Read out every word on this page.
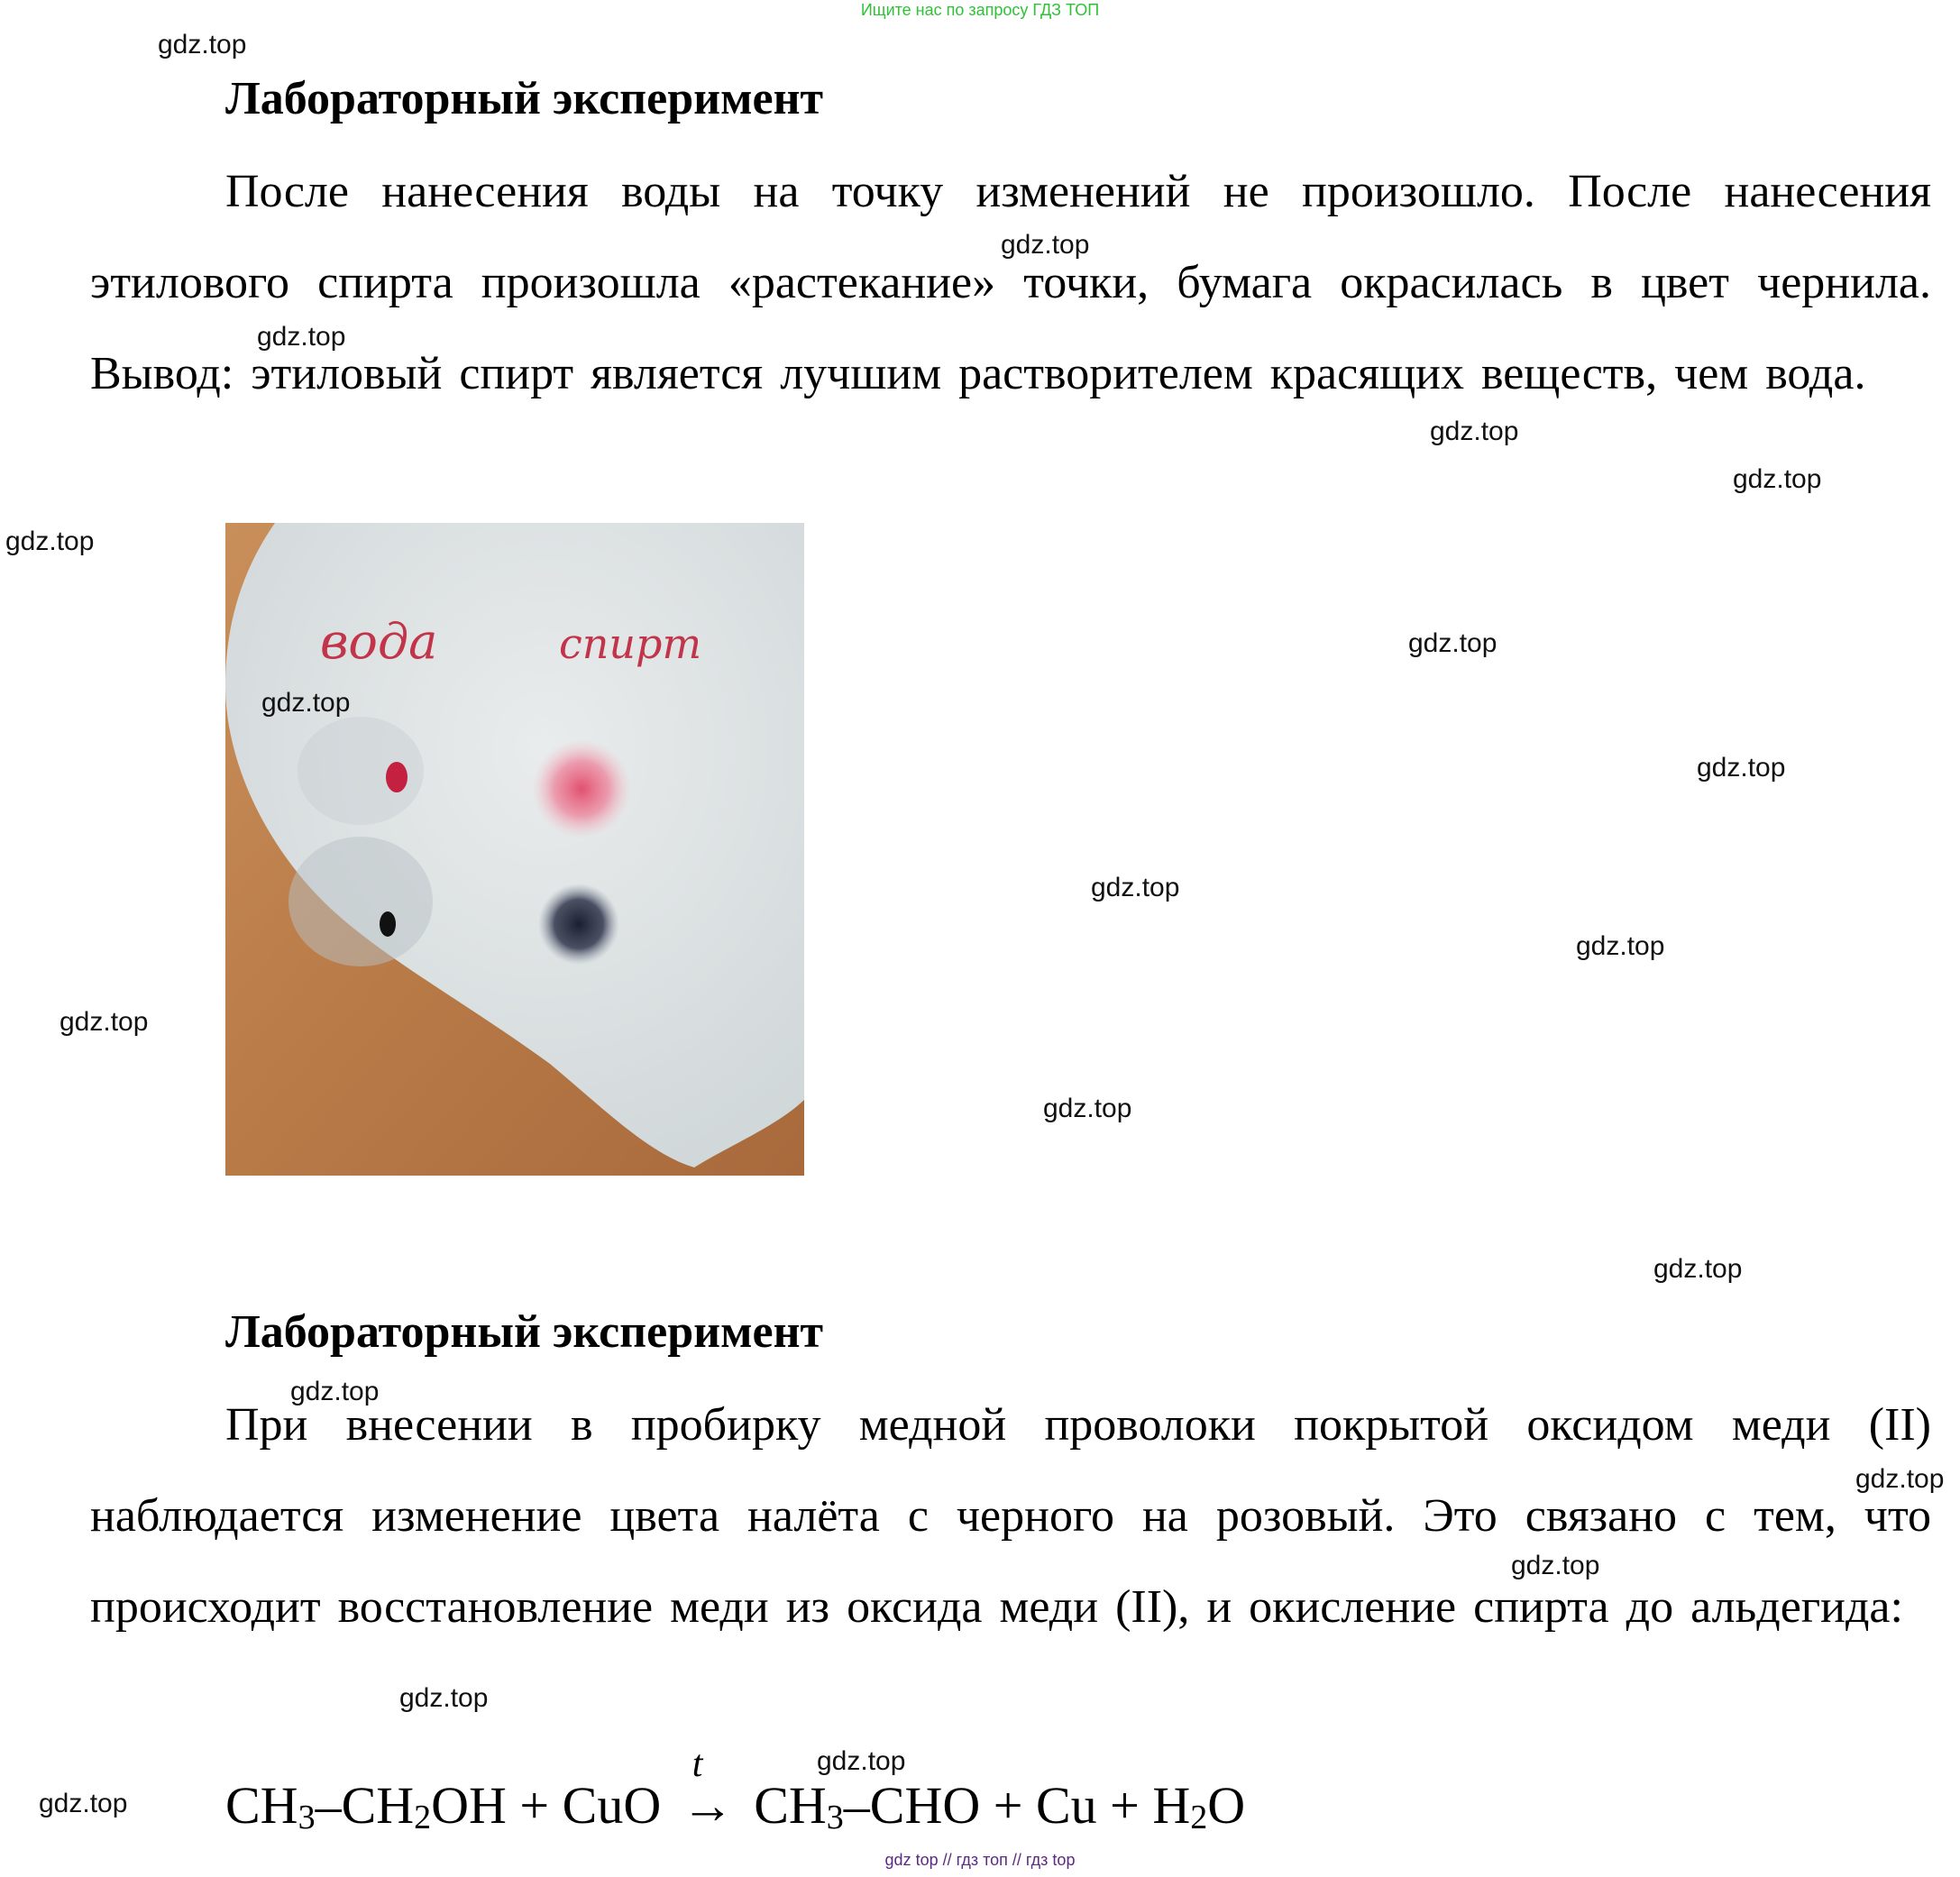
Ищите нас по запросу ГДЗ ТОП
Лабораторный эксперимент

После нанесения воды на точку изменений не произошло. После нанесения этилового спирта произошла «растекание» точки, бумага окрасилась в цвет чернила. Вывод: этиловый спирт является лучшим растворителем красящих веществ, чем вода.

вода	спирт
Лабораторный эксперимент

При внесении в пробирку медной проволоки покрытой оксидом меди (II) наблюдается изменение цвета налёта с черного на розовый. Это связано с тем, что происходит восстановление меди из оксида меди (II), и окисление спирта до альдегида:

$CH_3-CH_2OH$ + CuO
t
→ $CH_3$–CHO + $Cu + H_2O$
gdz.top
gdz.top
gdz.top
gdz.top
gdz.top
gdz.top
gdz.top
gdz.top
gdz.top
gdz.top
gdz.top
gdz.top
gdz.top
gdz.top
gdz.top
gdz.top
gdz.top
gdz.top
gdz.top
gdz.top
gdz top // гдз топ // гдз top
